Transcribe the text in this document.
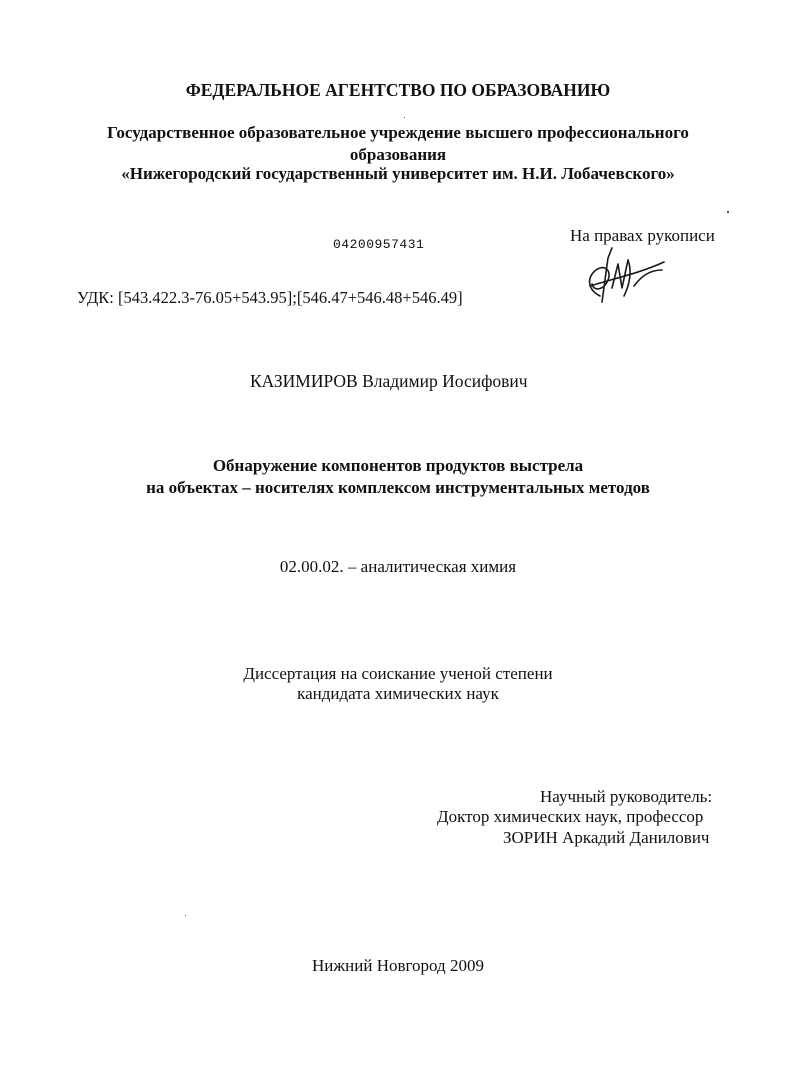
ФЕДЕРАЛЬНОЕ АГЕНТСТВО ПО ОБРАЗОВАНИЮ
Государственное образовательное учреждение высшего профессионального
образования
«Нижегородский государственный университет им. Н.И. Лобачевского»
04200957431	На правах рукописи
УДК: [543.422.3-76.05+543.95];[546.47+546.48+546.49]
КАЗИМИРОВ Владимир Иосифович
Обнаружение компонентов продуктов выстрела
на объектах – носителях комплексом инструментальных методов
02.00.02. – аналитическая химия
Диссертация на соискание ученой степени
кандидата химических наук
Научный руководитель:
Доктор химических наук, профессор
ЗОРИН Аркадий Данилович
Нижний Новгород 2009
